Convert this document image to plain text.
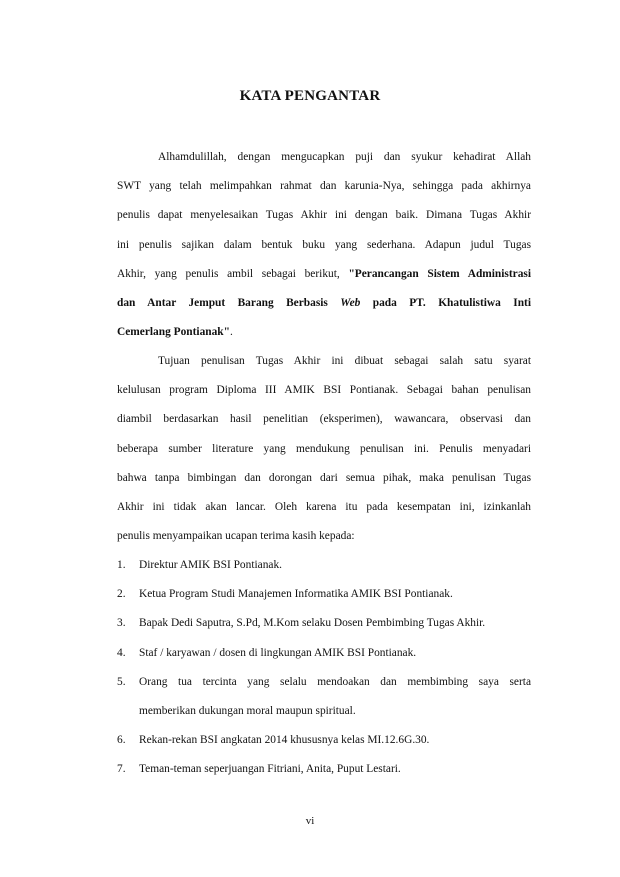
KATA PENGANTAR
Alhamdulillah, dengan mengucapkan puji dan syukur kehadirat Allah
SWT yang telah melimpahkan rahmat dan karunia-Nya, sehingga pada akhirnya
penulis dapat menyelesaikan Tugas Akhir ini dengan baik. Dimana Tugas Akhir
ini penulis sajikan dalam bentuk buku yang sederhana. Adapun judul Tugas
Akhir, yang penulis ambil sebagai berikut, "Perancangan Sistem Administrasi
dan Antar Jemput Barang Berbasis Web pada PT. Khatulistiwa Inti
Cemerlang Pontianak".
Tujuan penulisan Tugas Akhir ini dibuat sebagai salah satu syarat
kelulusan program Diploma III AMIK BSI Pontianak. Sebagai bahan penulisan
diambil berdasarkan hasil penelitian (eksperimen), wawancara, observasi dan
beberapa sumber literature yang mendukung penulisan ini. Penulis menyadari
bahwa tanpa bimbingan dan dorongan dari semua pihak, maka penulisan Tugas
Akhir ini tidak akan lancar. Oleh karena itu pada kesempatan ini, izinkanlah
penulis menyampaikan ucapan terima kasih kepada:
1.	Direktur AMIK BSI Pontianak.
2.	Ketua Program Studi Manajemen Informatika AMIK BSI Pontianak.
3.	Bapak Dedi Saputra, S.Pd, M.Kom selaku Dosen Pembimbing Tugas Akhir.
4.	Staf / karyawan / dosen di lingkungan AMIK BSI Pontianak.
5.	Orang tua tercinta yang selalu mendoakan dan membimbing saya serta
memberikan dukungan moral maupun spiritual.
6.	Rekan-rekan BSI angkatan 2014 khususnya kelas MI.12.6G.30.
7.	Teman-teman seperjuangan Fitriani, Anita, Puput Lestari.
vi
